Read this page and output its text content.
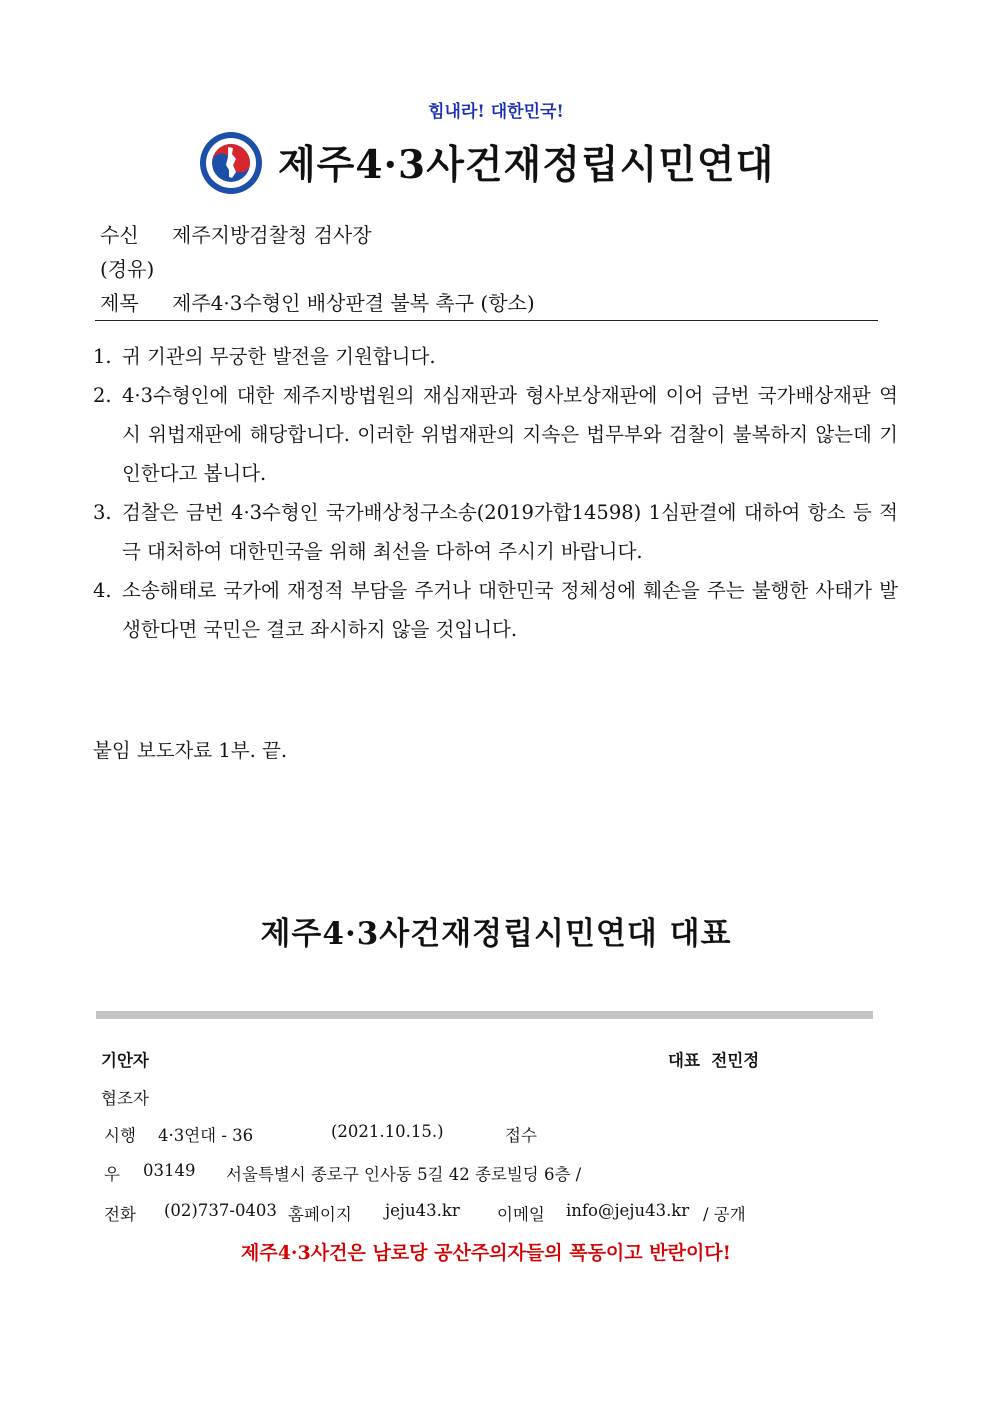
힘내라! 대한민국!
제주4·3사건재정립시민연대
수신 제주지방검찰청 검사장
(경유)
제목 제주4·3수형인 배상판결 불복 촉구 (항소)
1. 귀 기관의 무궁한 발전을 기원합니다.
2. 4·3수형인에 대한 제주지방법원의 재심재판과 형사보상재판에 이어 금번 국가배상재판 역시 위법재판에 해당합니다. 이러한 위법재판의 지속은 법무부와 검찰이 불복하지 않는데 기인한다고 봅니다.
3. 검찰은 금번 4·3수형인 국가배상청구소송(2019가합14598) 1심판결에 대하여 항소 등 적극 대처하여 대한민국을 위해 최선을 다하여 주시기 바랍니다.
4. 소송해태로 국가에 재정적 부담을 주거나 대한민국 정체성에 훼손을 주는 불행한 사태가 발생한다면 국민은 결코 좌시하지 않을 것입니다.
붙임 보도자료 1부. 끝.
제주4·3사건재정립시민연대 대표
기안자	대표 전민정
협조자
시행 4·3연대 - 36	(2021.10.15.)	접수
우 03149 서울특별시 종로구 인사동 5길 42 종로빌딩 6층 /
전화 (02)737-0403 홈페이지 jeju43.kr 이메일 info@jeju43.kr / 공개
제주4·3사건은 남로당 공산주의자들의 폭동이고 반란이다!
